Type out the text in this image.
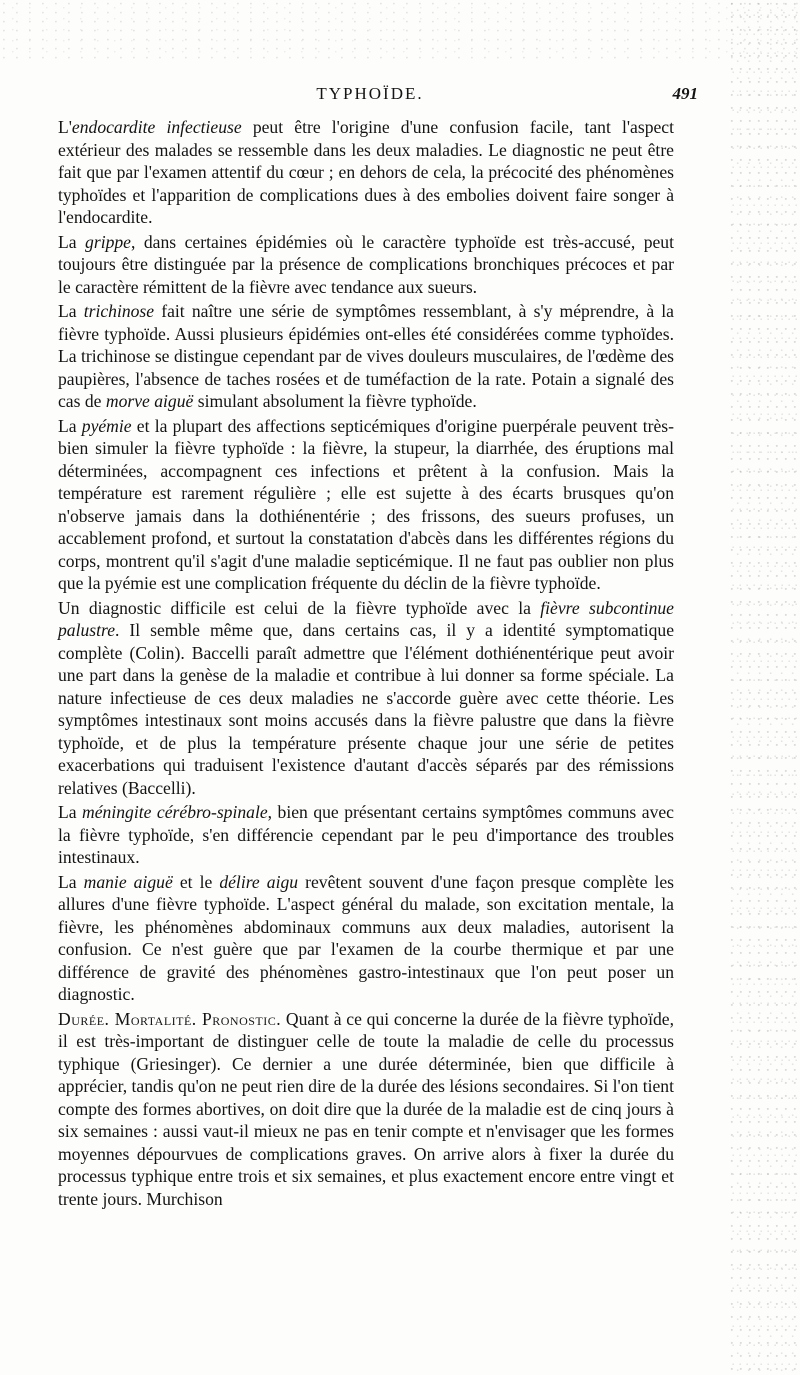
TYPHOÏDE.	491

L'endocardite infectieuse peut être l'origine d'une confusion facile, tant l'aspect extérieur des malades se ressemble dans les deux maladies. Le diagnostic ne peut être fait que par l'examen attentif du cœur ; en dehors de cela, la précocité des phénomènes typhoïdes et l'apparition de complications dues à des embolies doivent faire songer à l'endocardite.

La grippe, dans certaines épidémies où le caractère typhoïde est très-accusé, peut toujours être distinguée par la présence de complications bronchiques précoces et par le caractère rémittent de la fièvre avec tendance aux sueurs.

La trichinose fait naître une série de symptômes ressemblant, à s'y méprendre, à la fièvre typhoïde. Aussi plusieurs épidémies ont-elles été considérées comme typhoïdes. La trichinose se distingue cependant par de vives douleurs musculaires, de l'œdème des paupières, l'absence de taches rosées et de tuméfaction de la rate. Potain a signalé des cas de morve aiguë simulant absolument la fièvre typhoïde.

La pyémie et la plupart des affections septicémiques d'origine puerpérale peuvent très-bien simuler la fièvre typhoïde : la fièvre, la stupeur, la diarrhée, des éruptions mal déterminées, accompagnent ces infections et prêtent à la confusion. Mais la température est rarement régulière ; elle est sujette à des écarts brusques qu'on n'observe jamais dans la dothiénentérie ; des frissons, des sueurs profuses, un accablement profond, et surtout la constatation d'abcès dans les différentes régions du corps, montrent qu'il s'agit d'une maladie septicémique. Il ne faut pas oublier non plus que la pyémie est une complication fréquente du déclin de la fièvre typhoïde.

Un diagnostic difficile est celui de la fièvre typhoïde avec la fièvre subcontinue palustre. Il semble même que, dans certains cas, il y a identité symptomatique complète (Colin). Baccelli paraît admettre que l'élément dothiénentérique peut avoir une part dans la genèse de la maladie et contribue à lui donner sa forme spéciale. La nature infectieuse de ces deux maladies ne s'accorde guère avec cette théorie. Les symptômes intestinaux sont moins accusés dans la fièvre palustre que dans la fièvre typhoïde, et de plus la température présente chaque jour une série de petites exacerbations qui traduisent l'existence d'autant d'accès séparés par des rémissions relatives (Baccelli).

La méningite cérébro-spinale, bien que présentant certains symptômes communs avec la fièvre typhoïde, s'en différencie cependant par le peu d'importance des troubles intestinaux.

La manie aiguë et le délire aigu revêtent souvent d'une façon presque complète les allures d'une fièvre typhoïde. L'aspect général du malade, son excitation mentale, la fièvre, les phénomènes abdominaux communs aux deux maladies, autorisent la confusion. Ce n'est guère que par l'examen de la courbe thermique et par une différence de gravité des phénomènes gastro-intestinaux que l'on peut poser un diagnostic.

Durée. Mortalité. Pronostic. Quant à ce qui concerne la durée de la fièvre typhoïde, il est très-important de distinguer celle de toute la maladie de celle du processus typhique (Griesinger). Ce dernier a une durée déterminée, bien que difficile à apprécier, tandis qu'on ne peut rien dire de la durée des lésions secondaires. Si l'on tient compte des formes abortives, on doit dire que la durée de la maladie est de cinq jours à six semaines : aussi vaut-il mieux ne pas en tenir compte et n'envisager que les formes moyennes dépourvues de complications graves. On arrive alors à fixer la durée du processus typhique entre trois et six semaines, et plus exactement encore entre vingt et trente jours. Murchison
